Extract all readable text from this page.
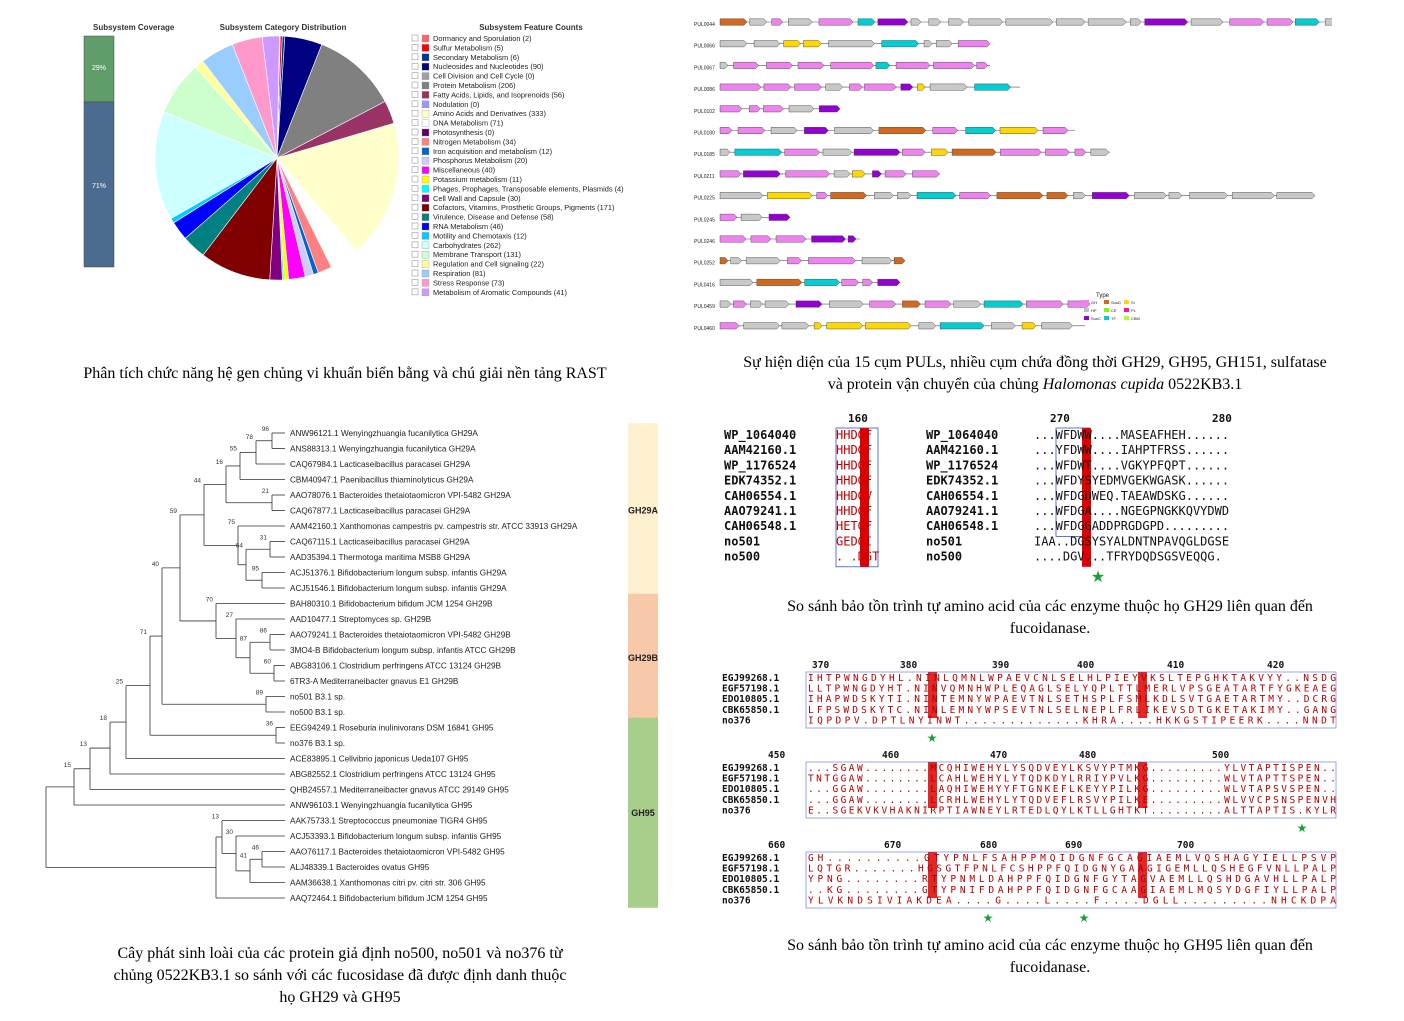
Subsystem Coverage	Subsystem Category Distribution	Subsystem Feature Counts
29%
71%
Dormancy and Sporulation (2)
Sulfur Metabolism (5)
Secondary Metabolism (6)
Nucleosides and Nucleotides (90)
Cell Division and Cell Cycle (0)
Protein Metabolism (206)
Fatty Acids, Lipids, and Isoprenoids (56)
Nodulation (0)
Amino Acids and Derivatives (333)
DNA Metabolism (71)
Photosynthesis (0)
Nitrogen Metabolism (34)
Iron acquisition and metabolism (12)
Phosphorus Metabolism (20)
Miscellaneous (40)
Potassium metabolism (11)
Phages, Prophages, Transposable elements, Plasmids (4)
Cell Wall and Capsule (30)
Cofactors, Vitamins, Prosthetic Groups, Pigments (171)
Virulence, Disease and Defense (58)
RNA Metabolism (46)
Motility and Chemotaxis (12)
Carbohydrates (262)
Membrane Transport (131)
Regulation and Cell signaling (22)
Respiration (81)
Stress Response (73)
Metabolism of Aromatic Compounds (41)
Phân tích chức năng hệ gen chủng vi khuẩn biển bằng và chú giải nền tảng RAST
PUL0044
PUL0066
PUL0067
PUL0086
PUL0102
PUL0180
PUL0185
PUL0211
PUL0225
PUL0245
PUL0246
PUL0252
PUL0416
PUL0459
PUL0460
Type
GH	SusD	SI
HP	CE	PL
SusC	TF	CBM
Sự hiện diện của 15 cụm PULs, nhiều cụm chứa đồng thời GH29, GH95, GH151, sulfatase
và protein vận chuyển của chủng Halomonas cupida 0522KB3.1
ANW96121.1 Wenyingzhuangia fucanilytica GH29A
ANS88313.1 Wenyingzhuangia fucanilytica GH29A
CAQ67984.1 Lacticaseibacillus paracasei GH29A
CBM40947.1 Paenibacillus thiaminolyticus GH29A
AAO78076.1 Bacteroides thetaiotaomicron VPI-5482 GH29A
CAQ67877.1 Lacticaseibacillus paracasei GH29A
AAM42160.1 Xanthomonas campestris pv. campestris str. ATCC 33913 GH29A
CAQ67115.1 Lacticaseibacillus paracasei GH29A
AAD35394.1 Thermotoga maritima MSB8 GH29A
ACJ51376.1 Bifidobacterium longum subsp. infantis GH29A
ACJ51546.1 Bifidobacterium longum subsp. infantis GH29A
BAH80310.1 Bifidobacterium bifidum JCM 1254 GH29B
AAD10477.1 Streptomyces sp. GH29B
AAO79241.1 Bacteroides thetaiotaomicron VPI-5482 GH29B
3MO4-B Bifidobacterium longum subsp. infantis ATCC GH29B
ABG83106.1 Clostridium perfringens ATCC 13124 GH29B
6TR3-A Mediterraneibacter gnavus E1 GH29B
no501 B3.1 sp.
no500 B3.1 sp.
EEG94249.1 Roseburia inulinivorans DSM 16841 GH95
no376 B3.1 sp.
ACE83895.1 Cellvibrio japonicus Ueda107 GH95
ABG82552.1 Clostridium perfringens ATCC 13124 GH95
QHB24557.1 Mediterraneibacter gnavus ATCC 29149 GH95
ANW96103.1 Wenyingzhuangia fucanilytica GH95
AAK75733.1 Streptococcus pneumoniae TIGR4 GH95
ACJ53393.1 Bifidobacterium longum subsp. infantis GH95
AAO76117.1 Bacteroides thetaiotaomicron VPI-5482 GH95
ALJ48339.1 Bacteroides ovatus GH95
AAM36638.1 Xanthomonas citri pv. citri str. 306 GH95
AAQ72464.1 Bifidobacterium bifidum JCM 1254 GH95
96
78
55
21
16
31
95
64
75
44
86
60
87
27
70
59
89
40
36
71
25
18
13
15
46
41
30
13
GH29A
GH29B
GH95
Cây phát sinh loài của các protein giả định no500, no501 và no376 từ
chủng 0522KB3.1 so sánh với các fucosidase đã được định danh thuộc
họ GH29 và GH95
160	270	280
WP_1064040	HHDGF	WP_1064040	...WFDWW....MASEAFHEH......
AAM42160.1	HHDGF	AAM42160.1	...YFDWW....IAHPTFRSS......
WP_1176524	HHDGF	WP_1176524	...WFDWT....VGKYPFQPT......
EDK74352.1	HHDGF	EDK74352.1	...WFDYSYEDMVGEKWGASK......
CAH06554.1	HHDGV	CAH06554.1	...WFDGDWEQ.TAEAWDSKG......
AAO79241.1	HHDGF	AAO79241.1	...WFDGA....NGEGPNGKKQVYDWD
CAH06548.1	HETGF	CAH06548.1	...WFDGGADDPRGDGPD.........
no501	GEDGI	no501	IAA..DGSYSYALDNTNPAVQGLDGSE
no500	. .DGT	no500	....DGV...TFRYDQDSGSVEQQG.
★
So sánh bảo tồn trình tự amino acid của các enzyme thuộc họ GH29 liên quan đến
fucoidanase.
370	380	390	400	410	420
EGJ99268.1	IHTPWNGDYHL.NINLQMNLWPAEVCNLSELHLPIEYVKSLTEPGHKTAKVYY..NSDG
EGF57198.1	LLTPWNGDYHT.NINVQMNHWPLEQAGLSELYQPLTTLMERLVPSGEATARTFYGKEAEG
EDO10805.1	IHAPWDSKYTI.NINTEMNYWPAEVTNLSETHSPLFSMLKDLSVTGAETARTMY..DCRG
CBK65850.1	LFPSWDSKYTC.NINLEMNYWPSEVTNLSELNEPLFRLIKEVSDTGKETAKIMY..GANG
no376	IQPDPV.DPTLNYINWT.............KHRA....HKKGSTIPEERK....NNDT
★
450	460	470	480	500
EGJ99268.1	...SGAW........MCQHIWEHYLYSQDVEYLKSVYPTMKG.........YLVTAPTISPEN..
EGF57198.1	TNTGGAW........LCAHLWEHYLYTQDKDYLRRIYPVLKG.........WLVTAPTTSPEN..
EDO10805.1	...GGAW........LAQHIWEHYYFTGNKEFLKEYYPILKG.........WLVTAPSVSPEN..
CBK65850.1	...GGAW........LCRHLWEHYLYTQDVEFLRSVYPILKE.........WLVVCPSNSPENVH
no376	E..SGEKVKVHAKNIRPTIAWNEYLRTEDLQYLKTLLGHTKT.........ALTTAPTIS.KYLR
★
660	670	680	690	700
EGJ99268.1	GH..........GTYPNLFSAHPPMQIDGNFGCAGIAEMLVQSHAGYIELLPSVP
EGF57198.1	LQTGR.......HGSGTFPNLFCSHPPFQIDGNYGAAGIGEMLLQSHEGFVNLLPALP
EDO10805.1	YPNG........RTYPNMLDAHPPFQIDGNFGYTAGVAEMLLQSHDGAVHLLPALP
CBK65850.1	..KG........GTYPNIFDAHPPFQIDGNFGCAAGIAEMLMQSYDGFIYLLPALP
no376	YLVKNDSIVIAKDEA....G....L....F....DGLL.........NHCKDPA
★	★
So sánh bảo tồn trình tự amino acid của các enzyme thuộc họ GH95 liên quan đến
fucoidanase.
